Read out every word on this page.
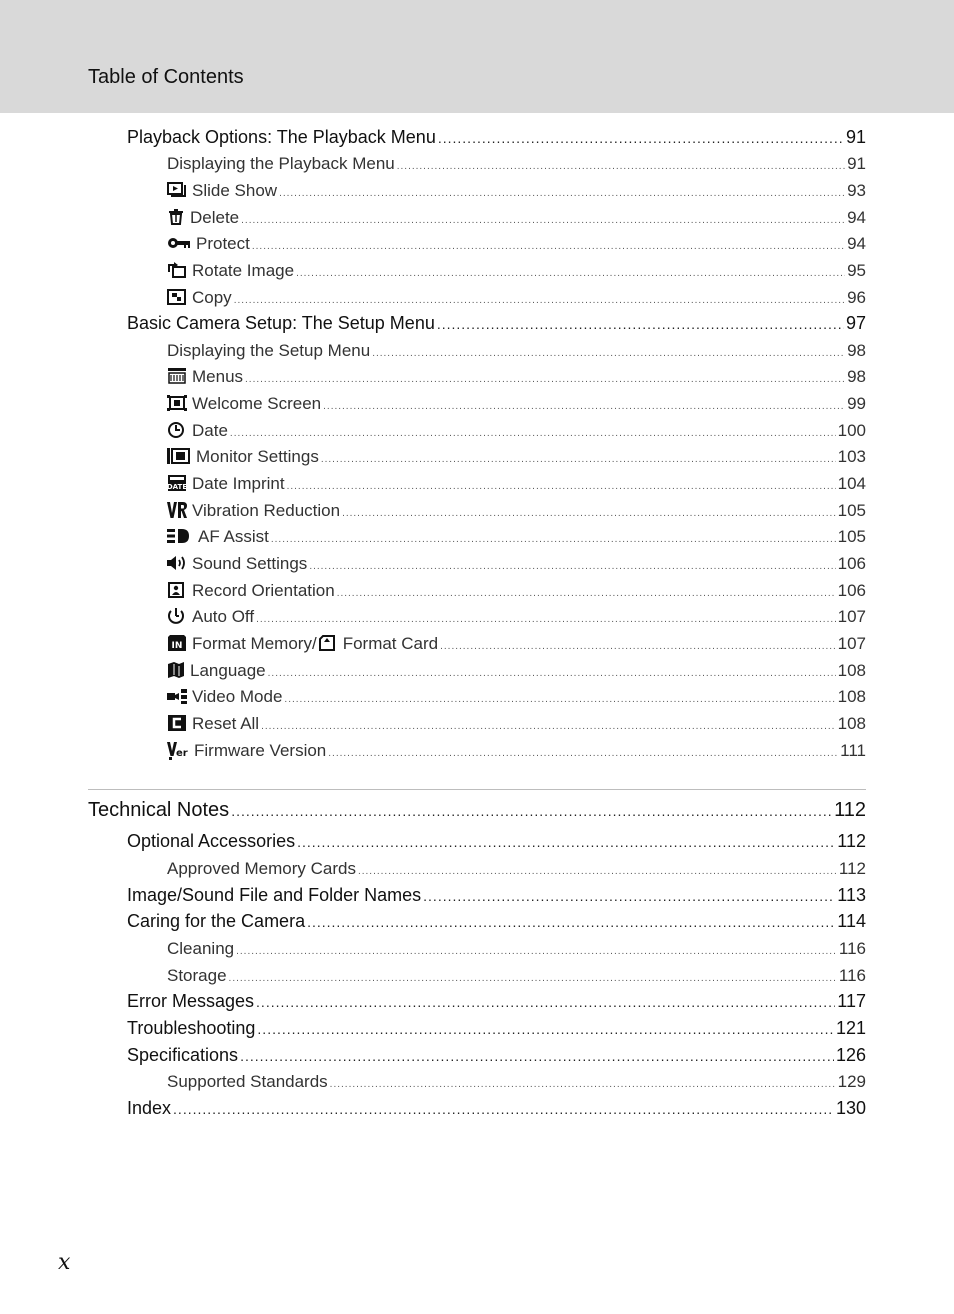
Table of Contents
Playback Options: The Playback Menu .....	91
Displaying the Playback Menu .....	91
Slide Show .....	93
Delete .....	94
Protect .....	94
Rotate Image .....	95
Copy .....	96
Basic Camera Setup: The Setup Menu .....	97
Displaying the Setup Menu .....	98
Menus .....	98
Welcome Screen .....	99
Date .....	100
Monitor Settings .....	103
DATE Date Imprint .....	104
Vibration Reduction .....	105
AF Assist .....	105
Sound Settings .....	106
Record Orientation .....	106
Auto Off .....	107
IN Format Memory/ Format Card .....	107
Language .....	108
Video Mode .....	108
Reset All .....	108
er Firmware Version .....	111
Technical Notes .....	112
Optional Accessories .....	112
Approved Memory Cards .....	112
Image/Sound File and Folder Names .....	113
Caring for the Camera .....	114
Cleaning .....	116
Storage .....	116
Error Messages .....	117
Troubleshooting .....	121
Specifications .....	126
Supported Standards .....	129
Index .....	130
x
